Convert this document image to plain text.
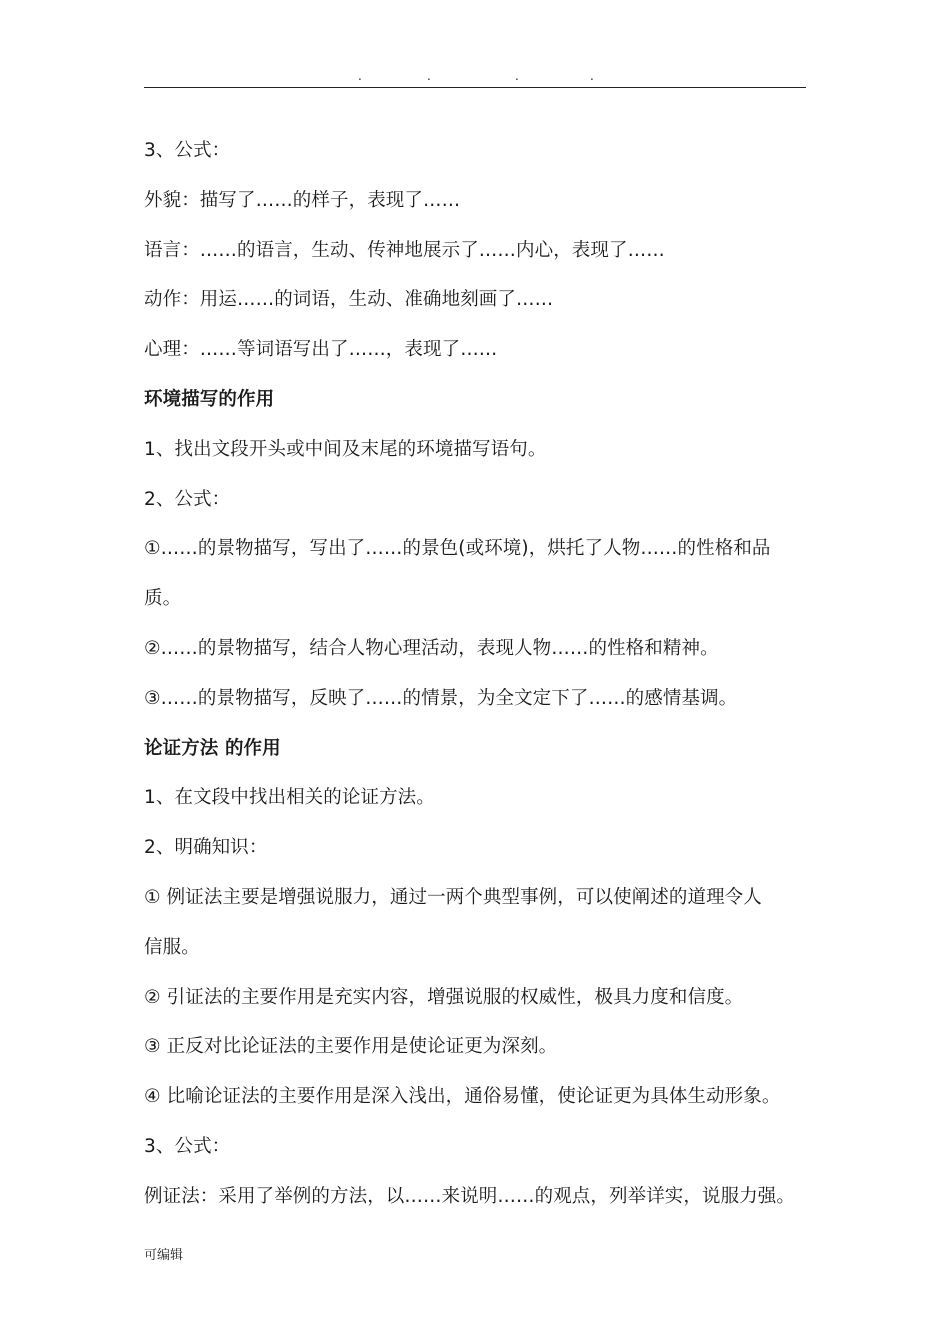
.	.	.	.
3、公式：
外貌：描写了……的样子，表现了……
语言：……的语言，生动、传神地展示了……内心，表现了……
动作：用运……的词语，生动、准确地刻画了……
心理：……等词语写出了……，表现了……
环境描写的作用
1、找出文段开头或中间及末尾的环境描写语句。
2、公式：
①……的景物描写，写出了……的景色(或环境)，烘托了人物……的性格和品
质。
②……的景物描写，结合人物心理活动，表现人物……的性格和精神。
③……的景物描写，反映了……的情景，为全文定下了……的感情基调。
论证方法 的作用
1、在文段中找出相关的论证方法。
2、明确知识：
① 例证法主要是增强说服力，通过一两个典型事例，可以使阐述的道理令人
信服。
② 引证法的主要作用是充实内容，增强说服的权威性，极具力度和信度。
③ 正反对比论证法的主要作用是使论证更为深刻。
④ 比喻论证法的主要作用是深入浅出，通俗易懂，使论证更为具体生动形象。
3、公式：
例证法：采用了举例的方法，以……来说明……的观点，列举详实，说服力强。
可编辑
